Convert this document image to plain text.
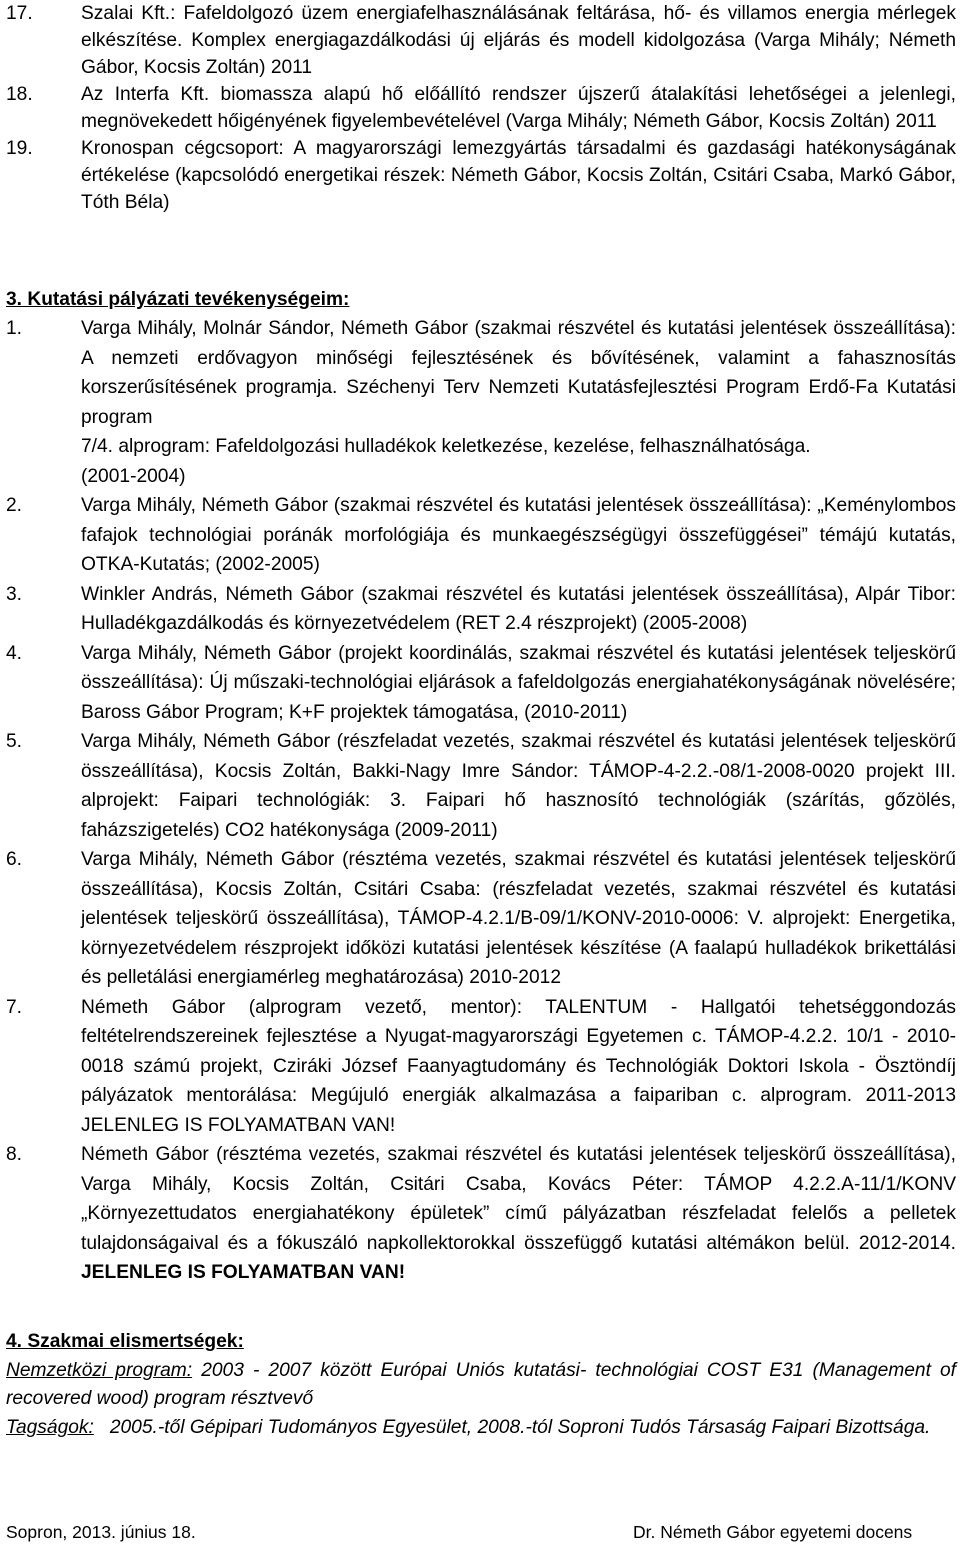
17.	Szalai Kft.: Fafeldolgozó üzem energiafelhasználásának feltárása, hő- és villamos energia mérlegek elkészítése. Komplex energiagazdálkodási új eljárás és modell kidolgozása (Varga Mihály; Németh Gábor, Kocsis Zoltán) 2011
18.	Az Interfa Kft. biomassza alapú hő előállító rendszer újszerű átalakítási lehetőségei a jelenlegi, megnövekedett hőigényének figyelembevételével (Varga Mihály; Németh Gábor, Kocsis Zoltán) 2011
19.	Kronospan cégcsoport: A magyarországi lemezgyártás társadalmi és gazdasági hatékonyságának értékelése (kapcsolódó energetikai részek: Németh Gábor, Kocsis Zoltán, Csitári Csaba, Markó Gábor, Tóth Béla)
3. Kutatási pályázati tevékenységeim:
1.	Varga Mihály, Molnár Sándor, Németh Gábor (szakmai részvétel és kutatási jelentések összeállítása): A nemzeti erdővagyon minőségi fejlesztésének és bővítésének, valamint a fahasznosítás korszerűsítésének programja. Széchenyi Terv Nemzeti Kutatásfejlesztési Program Erdő-Fa Kutatási program
7/4. alprogram: Fafeldolgozási hulladékok keletkezése, kezelése, felhasználhatósága.
(2001-2004)
2.	Varga Mihály, Németh Gábor (szakmai részvétel és kutatási jelentések összeállítása): „Keménylombos fafajok technológiai poránák morfológiája és munkaegészségügyi összefüggései” témájú kutatás, OTKA-Kutatás; (2002-2005)
3.	Winkler András, Németh Gábor (szakmai részvétel és kutatási jelentések összeállítása), Alpár Tibor: Hulladékgazdálkodás és környezetvédelem (RET 2.4 részprojekt) (2005-2008)
4.	Varga Mihály, Németh Gábor (projekt koordinálás, szakmai részvétel és kutatási jelentések teljeskörű összeállítása): Új műszaki-technológiai eljárások a fafeldolgozás energiahatékonyságának növelésére; Baross Gábor Program; K+F projektek támogatása, (2010-2011)
5.	Varga Mihály, Németh Gábor (részfeladat vezetés, szakmai részvétel és kutatási jelentések teljeskörű összeállítása), Kocsis Zoltán, Bakki-Nagy Imre Sándor: TÁMOP-4-2.2.-08/1-2008-0020 projekt III. alprojekt: Faipari technológiák: 3. Faipari hő hasznosító technológiák (szárítás, gőzölés, faházszigetelés) CO2 hatékonysága (2009-2011)
6.	Varga Mihály, Németh Gábor (résztéma vezetés, szakmai részvétel és kutatási jelentések teljeskörű összeállítása), Kocsis Zoltán, Csitári Csaba: (részfeladat vezetés, szakmai részvétel és kutatási jelentések teljeskörű összeállítása), TÁMOP-4.2.1/B-09/1/KONV-2010-0006: V. alprojekt: Energetika, környezetvédelem részprojekt időközi kutatási jelentések készítése (A faalapú hulladékok brikettálási és pelletálási energiamérleg meghatározása) 2010-2012
7.	Németh Gábor (alprogram vezető, mentor): TALENTUM - Hallgatói tehetséggondozás feltételrendszereinek fejlesztése a Nyugat-magyarországi Egyetemen c. TÁMOP-4.2.2. 10/1 - 2010-0018 számú projekt, Cziráki József Faanyagtudomány és Technológiák Doktori Iskola - Ösztöndíj pályázatok mentorálása: Megújuló energiák alkalmazása a faipariban c. alprogram. 2011-2013 JELENLEG IS FOLYAMATBAN VAN!
8.	Németh Gábor (résztéma vezetés, szakmai részvétel és kutatási jelentések teljeskörű összeállítása), Varga Mihály, Kocsis Zoltán, Csitári Csaba, Kovács Péter: TÁMOP 4.2.2.A-11/1/KONV „Környezettudatos energiahatékony épületek” című pályázatban részfeladat felelős a pelletek tulajdonságaival és a fókuszáló napkollektorokkal összefüggő kutatási altémákon belül. 2012-2014. JELENLEG IS FOLYAMATBAN VAN!
4. Szakmai elismertségek:
Nemzetközi program: 2003 - 2007 között Európai Uniós kutatási- technológiai COST E31 (Management of recovered wood) program résztvevő
Tagságok: 2005.-től Gépipari Tudományos Egyesület, 2008.-tól Soproni Tudós Társaság Faipari Bizottsága.
Sopron, 2013. június 18.	Dr. Németh Gábor egyetemi docens
